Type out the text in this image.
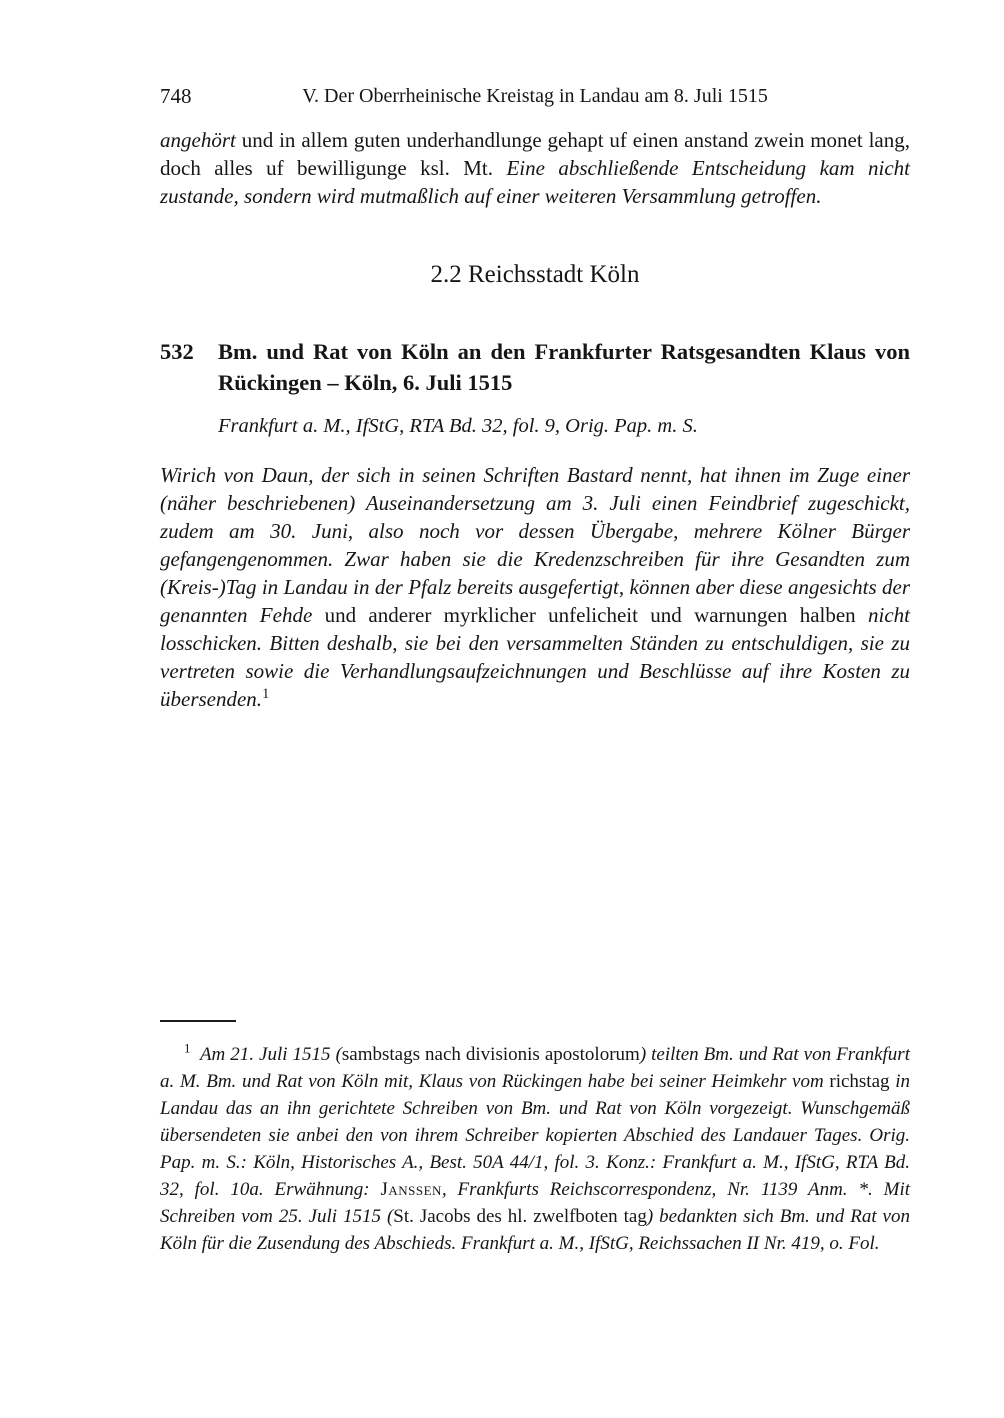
748	V. Der Oberrheinische Kreistag in Landau am 8. Juli 1515

angehört und in allem guten underhandlunge gehapt uf einen anstand zwein monet lang, doch alles uf bewilligunge ksl. Mt. Eine abschließende Entscheidung kam nicht zustande, sondern wird mutmaßlich auf einer weiteren Versammlung getroffen.

2.2 Reichsstadt Köln
532	Bm. und Rat von Köln an den Frankfurter Ratsgesandten Klaus von Rückingen – Köln, 6. Juli 1515

Frankfurt a. M., IfStG, RTA Bd. 32, fol. 9, Orig. Pap. m. S.

Wirich von Daun, der sich in seinen Schriften Bastard nennt, hat ihnen im Zuge einer (näher beschriebenen) Auseinandersetzung am 3. Juli einen Feindbrief zugeschickt, zudem am 30. Juni, also noch vor dessen Übergabe, mehrere Kölner Bürger gefangengenommen. Zwar haben sie die Kredenzschreiben für ihre Gesandten zum (Kreis-)Tag in Landau in der Pfalz bereits ausgefertigt, können aber diese angesichts der genannten Fehde und anderer myrklicher unfelicheit und warnungen halben nicht losschicken. Bitten deshalb, sie bei den versammelten Ständen zu entschuldigen, sie zu vertreten sowie die Verhandlungsaufzeichnungen und Beschlüsse auf ihre Kosten zu übersenden.$^1$

$^1$ Am 21. Juli 1515 (sambstags nach divisionis apostolorum) teilten Bm. und Rat von Frankfurt a. M. Bm. und Rat von Köln mit, Klaus von Rückingen habe bei seiner Heimkehr vom richstag in Landau das an ihn gerichtete Schreiben von Bm. und Rat von Köln vorgezeigt. Wunschgemäß übersendeten sie anbei den von ihrem Schreiber kopierten Abschied des Landauer Tages. Orig. Pap. m. S.: Köln, Historisches A., Best. 50A 44/1, fol. 3. Konz.: Frankfurt a. M., IfStG, RTA Bd. 32, fol. 10a. Erwähnung: Janssen, Frankfurts Reichscorrespondenz, Nr. 1139 Anm. *. Mit Schreiben vom 25. Juli 1515 (St. Jacobs des hl. zwelfboten tag) bedankten sich Bm. und Rat von Köln für die Zusendung des Abschieds. Frankfurt a. M., IfStG, Reichssachen II Nr. 419, o. Fol.
